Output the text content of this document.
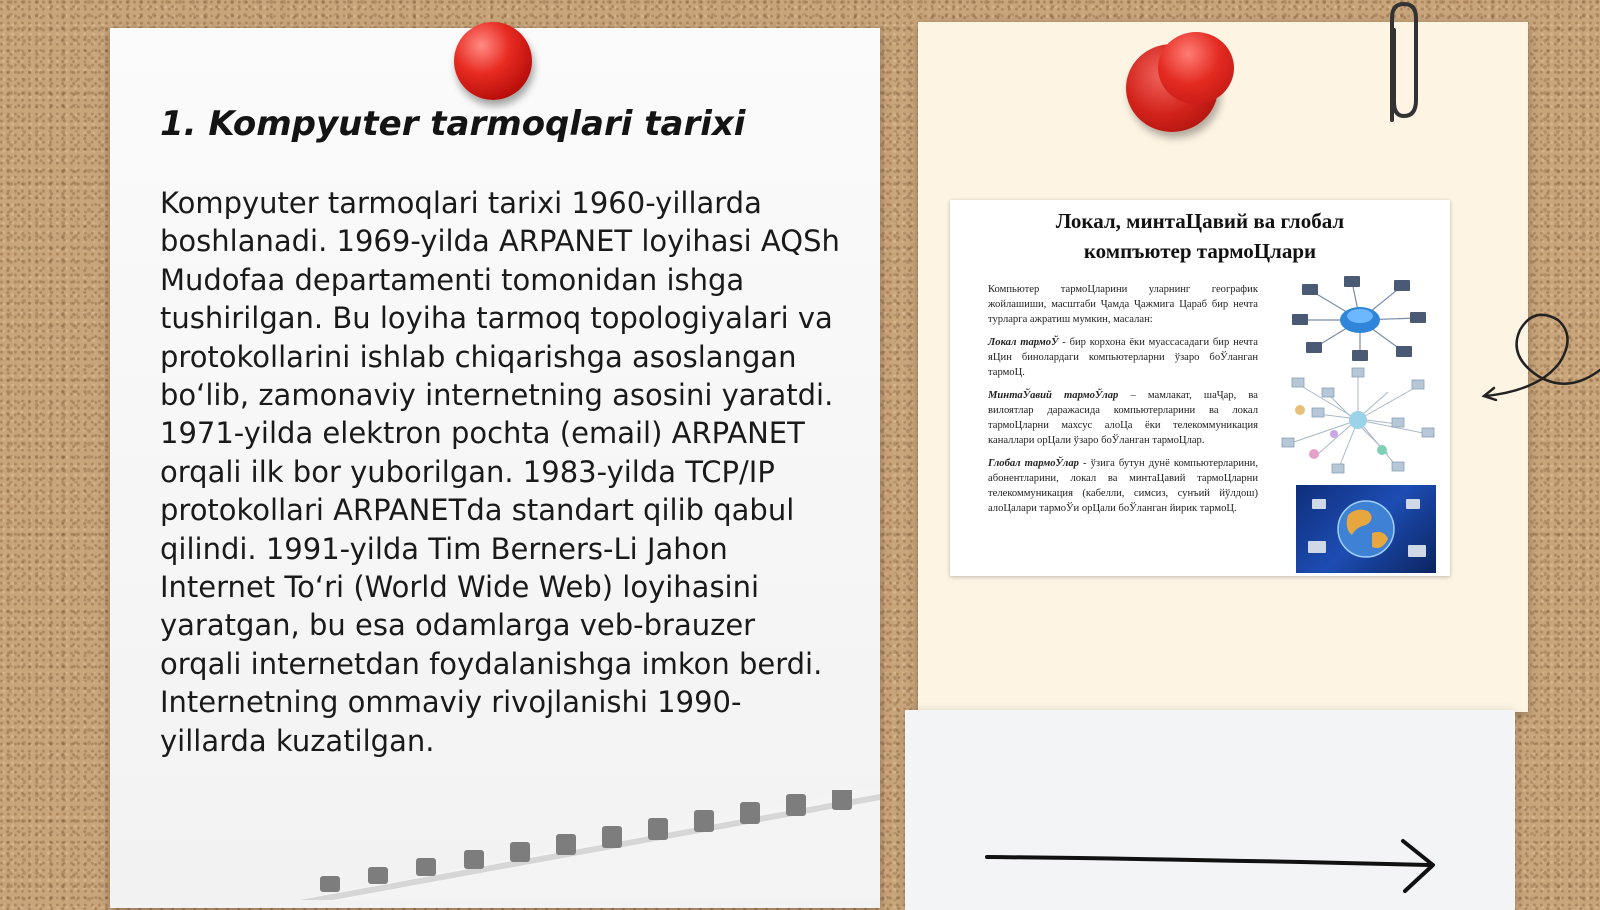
1. Kompyuter tarmoqlari tarixi

Kompyuter tarmoqlari tarixi 1960-yillarda boshlanadi. 1969-yilda ARPANET loyihasi AQSh Mudofaa departamenti tomonidan ishga tushirilgan. Bu loyiha tarmoq topologiyalari va protokollarini ishlab chiqarishga asoslangan bo‘lib, zamonaviy internetning asosini yaratdi. 1971-yilda elektron pochta (email) ARPANET orqali ilk bor yuborilgan. 1983-yilda TCP/IP protokollari ARPANETda standart qilib qabul qilindi. 1991-yilda Tim Berners-Li Jahon Internet To‘ri (World Wide Web) loyihasini yaratgan, bu esa odamlarga veb-brauzer orqali internetdan foydalanishga imkon berdi. Internetning ommaviy rivojlanishi 1990-yillarda kuzatilgan.

Локал, минтаЦавий ва глобал
компъютер тармоЦлари

Компьютер тармоЦларини уларнинг географик жойлашиши, масштаби Ҷамда Ҷажмига Цараб бир нечта турларга ажратиш мумкин, масалан:

Локал тармоЎ - бир корхона ёки муассасадаги бир нечта яЦин бинолардаги компьютерларни ўзаро боЎланган тармоЦ.

МинтаЎавий тармоЎлар – мамлакат, шаҶар, ва вилоятлар даражасида компьютерларини ва локал тармоЦларни махсус алоЦа ёки телекоммуникация каналлари орЦали ўзаро боЎланган тармоЦлар.

Глобал тармоЎлар - ўзига бутун дунё компьютерларини, абонентларини, локал ва минтаЦавий тармоЦларни телекоммуникация (кабелли, симсиз, сунъий йўлдош) алоЦалари тармоЎи орЦали боЎланган йирик тармоЦ.
